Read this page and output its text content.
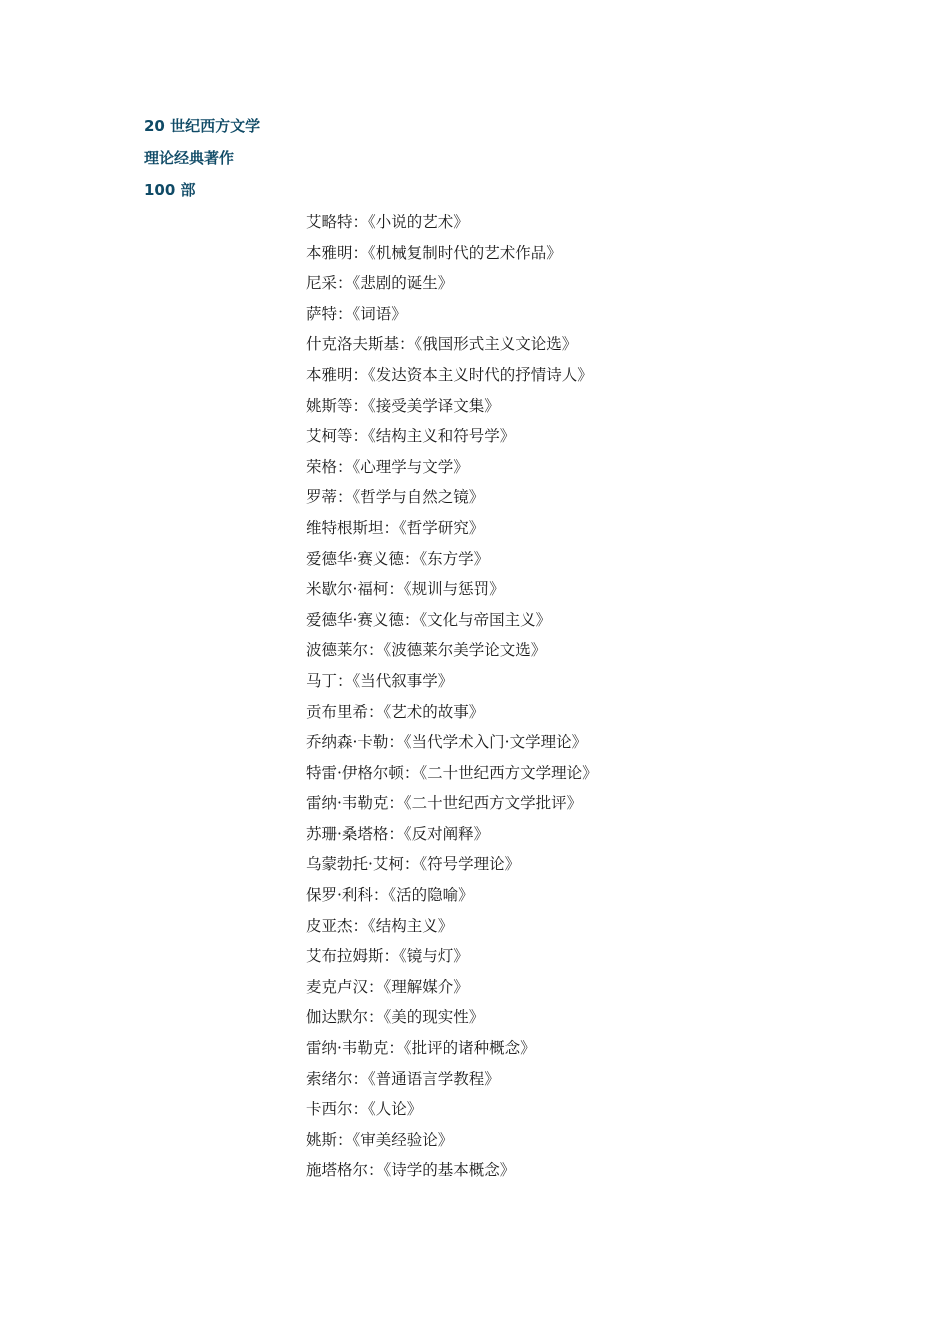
20 世纪西方文学
理论经典著作
100 部
艾略特：《小说的艺术》
本雅明：《机械复制时代的艺术作品》
尼采：《悲剧的诞生》
萨特：《词语》
什克洛夫斯基：《俄国形式主义文论选》
本雅明：《发达资本主义时代的抒情诗人》
姚斯等：《接受美学译文集》
艾柯等：《结构主义和符号学》
荣格：《心理学与文学》
罗蒂：《哲学与自然之镜》
维特根斯坦：《哲学研究》
爱德华·赛义德：《东方学》
米歇尔·福柯：《规训与惩罚》
爱德华·赛义德：《文化与帝国主义》
波德莱尔：《波德莱尔美学论文选》
马丁：《当代叙事学》
贡布里希：《艺术的故事》
乔纳森·卡勒：《当代学术入门·文学理论》
特雷·伊格尔顿：《二十世纪西方文学理论》
雷纳·韦勒克：《二十世纪西方文学批评》
苏珊·桑塔格：《反对阐释》
乌蒙勃托·艾柯：《符号学理论》
保罗·利科：《活的隐喻》
皮亚杰：《结构主义》
艾布拉姆斯：《镜与灯》
麦克卢汉：《理解媒介》
伽达默尔：《美的现实性》
雷纳·韦勒克：《批评的诸种概念》
索绪尔：《普通语言学教程》
卡西尔：《人论》
姚斯：《审美经验论》
施塔格尔：《诗学的基本概念》
